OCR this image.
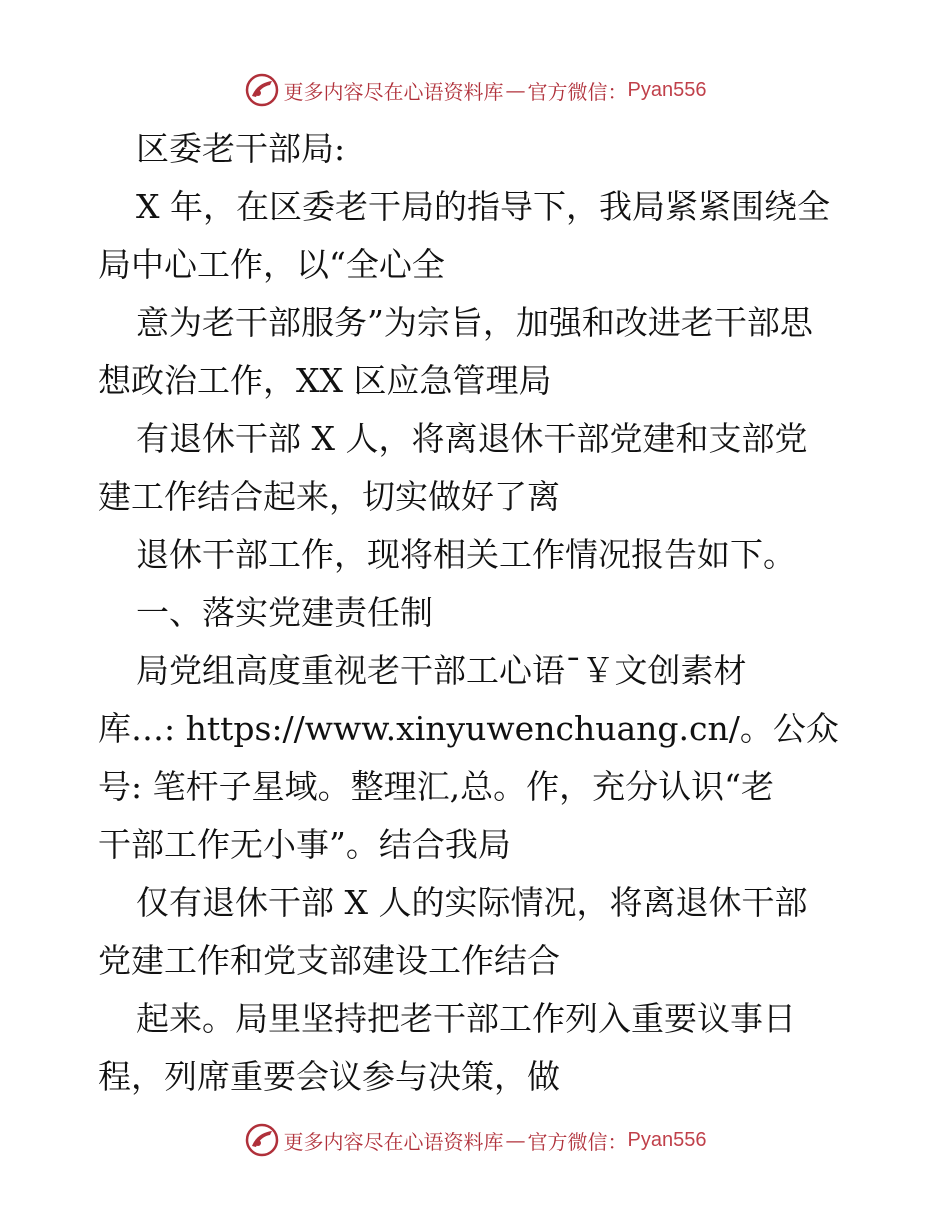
更多内容尽在心语资料库 — 官方微信： Pyan556
区委老干部局:
X 年，在区委老干局的指导下，我局紧紧围绕全
局中心工作，以“全心全
意为老干部服务”为宗旨，加强和改进老干部思
想政治工作，XX 区应急管理局
有退休干部 X 人，将离退休干部党建和支部党
建工作结合起来，切实做好了离
退休干部工作，现将相关工作情况报告如下。
一、落实党建责任制
局党组高度重视老干部工心语¯￥文创素材
库…: https://www.xinyuwenchuang.cn/。公众
号: 笔杆子星域。整理汇,总。作，充分认识“老
干部工作无小事”。结合我局
仅有退休干部 X 人的实际情况，将离退休干部
党建工作和党支部建设工作结合
起来。局里坚持把老干部工作列入重要议事日
程，列席重要会议参与决策，做
更多内容尽在心语资料库 — 官方微信： Pyan556
